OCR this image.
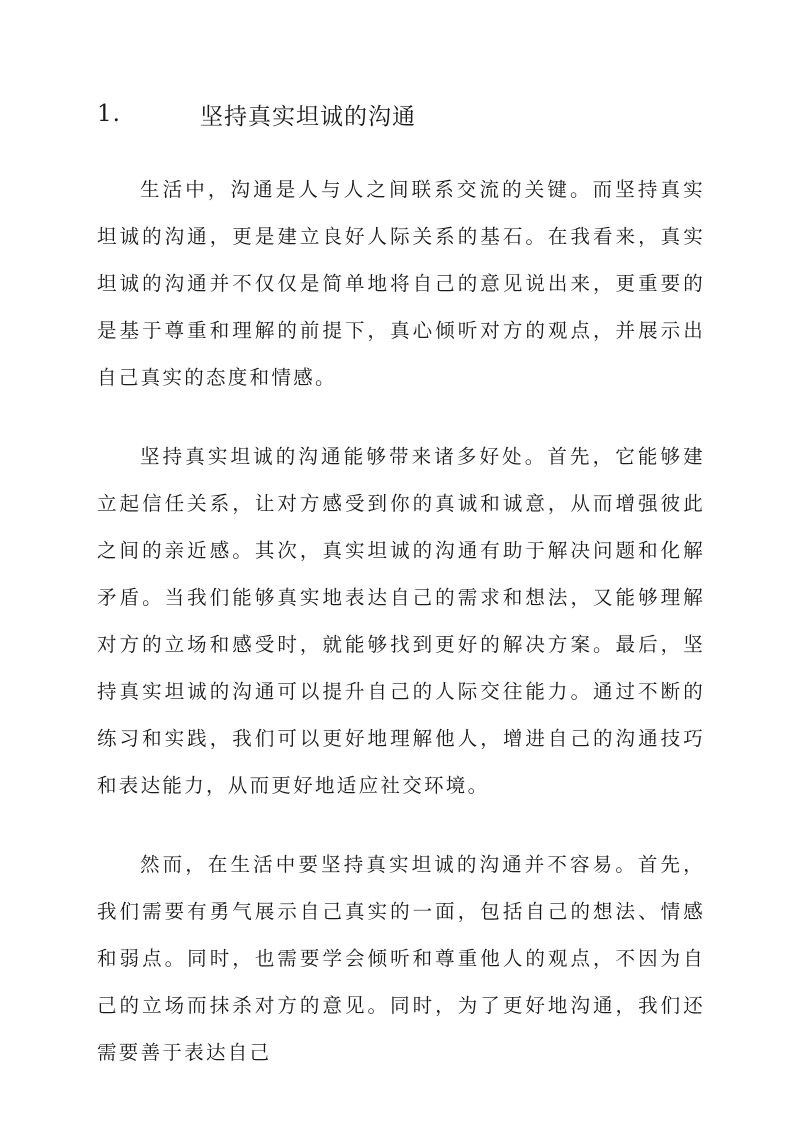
1.	坚持真实坦诚的沟通

生活中，沟通是人与人之间联系交流的关键。而坚持真实坦诚的沟通，更是建立良好人际关系的基石。在我看来，真实坦诚的沟通并不仅仅是简单地将自己的意见说出来，更重要的是基于尊重和理解的前提下，真心倾听对方的观点，并展示出自己真实的态度和情感。

坚持真实坦诚的沟通能够带来诸多好处。首先，它能够建立起信任关系，让对方感受到你的真诚和诚意，从而增强彼此之间的亲近感。其次，真实坦诚的沟通有助于解决问题和化解矛盾。当我们能够真实地表达自己的需求和想法，又能够理解对方的立场和感受时，就能够找到更好的解决方案。最后，坚持真实坦诚的沟通可以提升自己的人际交往能力。通过不断的练习和实践，我们可以更好地理解他人，增进自己的沟通技巧和表达能力，从而更好地适应社交环境。

然而，在生活中要坚持真实坦诚的沟通并不容易。首先，我们需要有勇气展示自己真实的一面，包括自己的想法、情感和弱点。同时，也需要学会倾听和尊重他人的观点，不因为自己的立场而抹杀对方的意见。同时，为了更好地沟通，我们还需要善于表达自己
